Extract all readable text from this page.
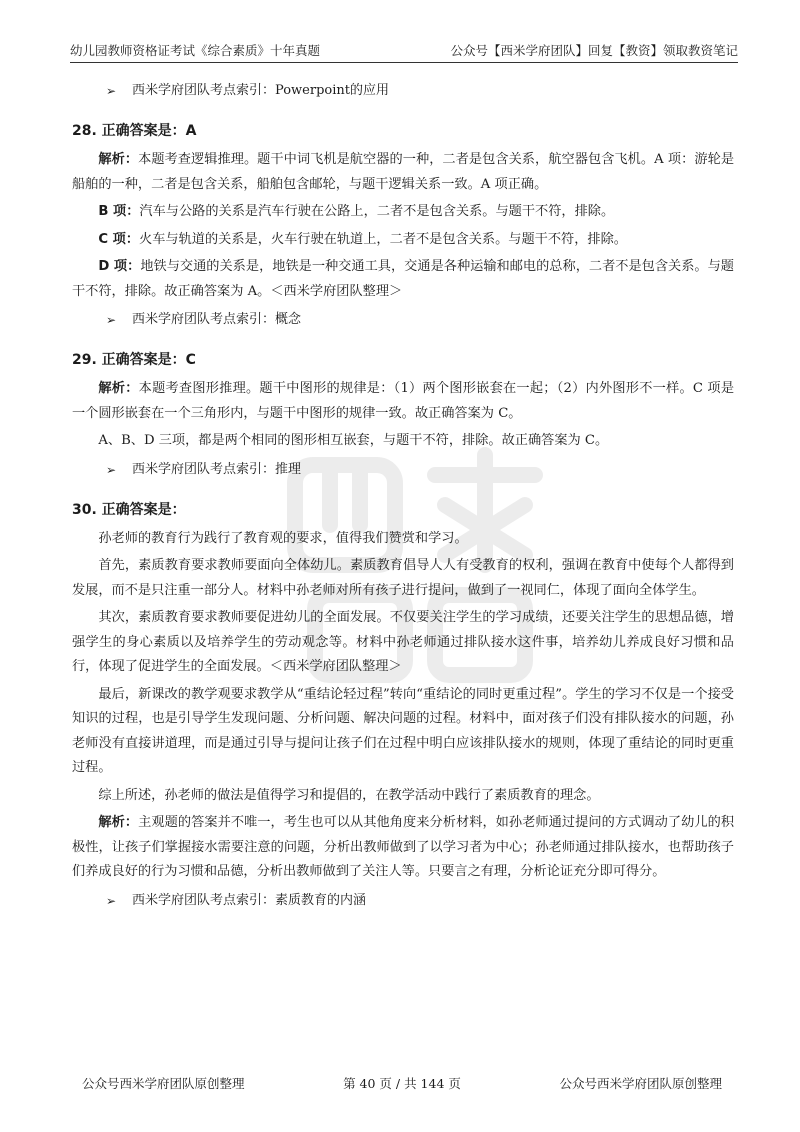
幼儿园教师资格证考试《综合素质》十年真题	公众号【西米学府团队】回复【教资】领取教资笔记

➢ 西米学府团队考点索引：Powerpoint的应用

28. 正确答案是：A

解析：本题考查逻辑推理。题干中词飞机是航空器的一种，二者是包含关系，航空器包含飞机。A 项：游轮是船舶的一种，二者是包含关系，船舶包含邮轮，与题干逻辑关系一致。A 项正确。

B 项：汽车与公路的关系是汽车行驶在公路上，二者不是包含关系。与题干不符，排除。

C 项：火车与轨道的关系是，火车行驶在轨道上，二者不是包含关系。与题干不符，排除。

D 项：地铁与交通的关系是，地铁是一种交通工具，交通是各种运输和邮电的总称，二者不是包含关系。与题干不符，排除。故正确答案为 A。＜西米学府团队整理＞

➢ 西米学府团队考点索引：概念

29. 正确答案是：C

解析：本题考查图形推理。题干中图形的规律是：（1）两个图形嵌套在一起；（2）内外图形不一样。C 项是一个圆形嵌套在一个三角形内，与题干中图形的规律一致。故正确答案为 C。

A、B、D 三项，都是两个相同的图形相互嵌套，与题干不符，排除。故正确答案为 C。

➢ 西米学府团队考点索引：推理

30. 正确答案是：

孙老师的教育行为践行了教育观的要求，值得我们赞赏和学习。

首先，素质教育要求教师要面向全体幼儿。素质教育倡导人人有受教育的权利，强调在教育中使每个人都得到发展，而不是只注重一部分人。材料中孙老师对所有孩子进行提问，做到了一视同仁，体现了面向全体学生。

其次，素质教育要求教师要促进幼儿的全面发展。不仅要关注学生的学习成绩，还要关注学生的思想品德，增强学生的身心素质以及培养学生的劳动观念等。材料中孙老师通过排队接水这件事，培养幼儿养成良好习惯和品行，体现了促进学生的全面发展。＜西米学府团队整理＞

最后，新课改的教学观要求教学从“重结论轻过程”转向“重结论的同时更重过程”。学生的学习不仅是一个接受知识的过程，也是引导学生发现问题、分析问题、解决问题的过程。材料中，面对孩子们没有排队接水的问题，孙老师没有直接讲道理，而是通过引导与提问让孩子们在过程中明白应该排队接水的规则，体现了重结论的同时更重过程。

综上所述，孙老师的做法是值得学习和提倡的，在教学活动中践行了素质教育的理念。

解析：主观题的答案并不唯一，考生也可以从其他角度来分析材料，如孙老师通过提问的方式调动了幼儿的积极性，让孩子们掌握接水需要注意的问题，分析出教师做到了以学习者为中心；孙老师通过排队接水，也帮助孩子们养成良好的行为习惯和品德，分析出教师做到了关注人等。只要言之有理，分析论证充分即可得分。

➢ 西米学府团队考点索引：素质教育的内涵

公众号西米学府团队原创整理	第 40 页 / 共 144 页	公众号西米学府团队原创整理
